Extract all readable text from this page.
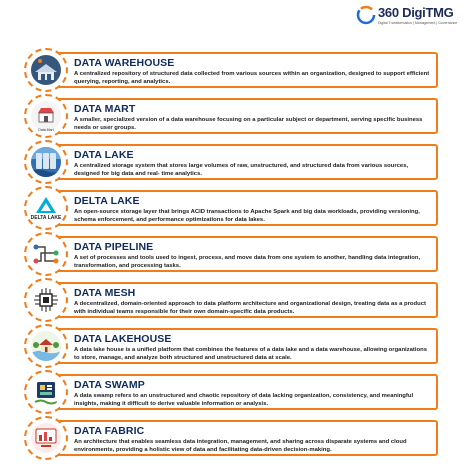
360 DigiTMG
Digital Transformation | Management | Governance
DATA WAREHOUSE
A centralized repository of structured data collected from various sources within an organization, designed to support efficient querying, reporting, and analytics.
DATA MART
A smaller, specialized version of a data warehouse focusing on a particular subject or department, serving specific business needs or user groups.
Data Mart
DATA LAKE
A centralized storage system that stores large volumes of raw, unstructured, and structured data from various sources, designed for big data and real- time analytics.
DELTA LAKE
An open-source storage layer that brings ACID transactions to Apache Spark and big data workloads, providing versioning, schema enforcement, and performance optimizations for data lakes.
DELTA LAKE
DATA PIPELINE
A set of processes and tools used to ingest, process, and move data from one system to another, handling data integration, transformation, and processing tasks.
DATA MESH
A decentralized, domain-oriented approach to data platform architecture and organizational design, treating data as a product with individual teams responsible for their own domain-specific data products.
DATA LAKEHOUSE
A data lake house is a unified platform that combines the features of a data lake and a data warehouse, allowing organizations to store, manage, and analyze both structured and unstructured data at scale.
DATA SWAMP
A data swamp refers to an unstructured and chaotic repository of data lacking organization, consistency, and meaningful insights, making it difficult to derive valuable information or analysis.
DATA FABRIC
An architecture that enables seamless data integration, management, and sharing across disparate systems and cloud environments, providing a holistic view of data and facilitating data-driven decision-making.
